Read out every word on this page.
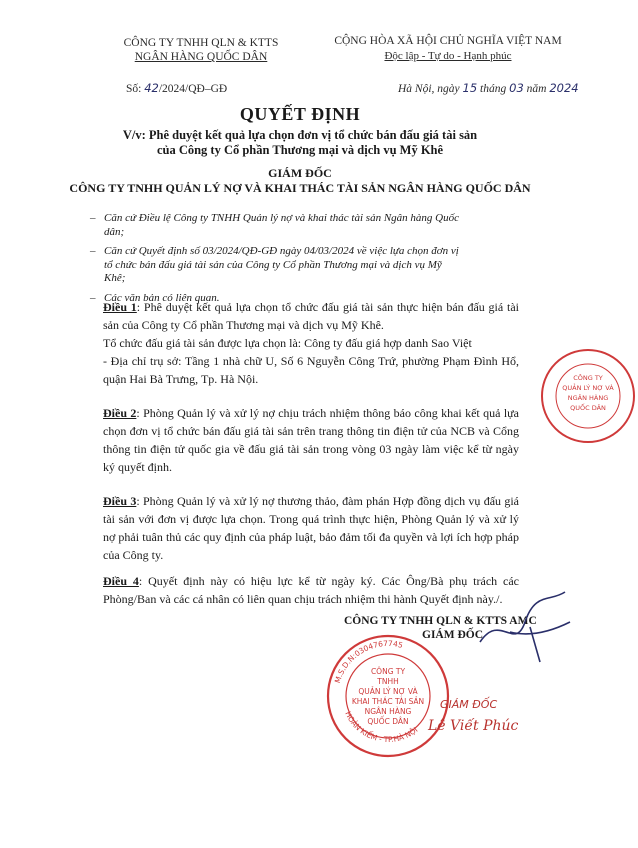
CÔNG TY TNHH QLN & KTTS
NGÂN HÀNG QUỐC DÂN
CỘNG HÒA XÃ HỘI CHỦ NGHĨA VIỆT NAM
Độc lập - Tự do - Hạnh phúc
Số: 42/2024/QĐ–GĐ	Hà Nội, ngày 15 tháng 03 năm 2024
QUYẾT ĐỊNH
V/v: Phê duyệt kết quả lựa chọn đơn vị tổ chức bán đấu giá tài sản
của Công ty Cổ phần Thương mại và dịch vụ Mỹ Khê
GIÁM ĐỐC
CÔNG TY TNHH QUẢN LÝ NỢ VÀ KHAI THÁC TÀI SẢN NGÂN HÀNG QUỐC DÂN
– Căn cứ Điều lệ Công ty TNHH Quản lý nợ và khai thác tài sản Ngân hàng Quốc dân;
– Căn cứ Quyết định số 03/2024/QĐ-GĐ ngày 04/03/2024 về việc lựa chọn đơn vị tổ chức bán đấu giá tài sản của Công ty Cổ phần Thương mại và dịch vụ Mỹ Khê;
– Các văn bản có liên quan.
Điều 1: Phê duyệt kết quả lựa chọn tổ chức đấu giá tài sản thực hiện bán đấu giá tài sản của Công ty Cổ phần Thương mại và dịch vụ Mỹ Khê.
Tổ chức đấu giá tài sản được lựa chọn là: Công ty đấu giá hợp danh Sao Việt
- Địa chỉ trụ sở: Tầng 1 nhà chữ U, Số 6 Nguyễn Công Trứ, phường Phạm Đình Hổ, quận Hai Bà Trưng, Tp. Hà Nội.
Điều 2: Phòng Quản lý và xử lý nợ chịu trách nhiệm thông báo công khai kết quả lựa chọn đơn vị tổ chức bán đấu giá tài sản trên trang thông tin điện tử của NCB và Cổng thông tin điện tử quốc gia về đấu giá tài sản trong vòng 03 ngày làm việc kể từ ngày ký quyết định.
Điều 3: Phòng Quản lý và xử lý nợ thương thảo, đàm phán Hợp đồng dịch vụ đấu giá tài sản với đơn vị được lựa chọn. Trong quá trình thực hiện, Phòng Quản lý và xử lý nợ phải tuân thủ các quy định của pháp luật, bảo đảm tối đa quyền và lợi ích hợp pháp của Công ty.
Điều 4: Quyết định này có hiệu lực kể từ ngày ký. Các Ông/Bà phụ trách các Phòng/Ban và các cá nhân có liên quan chịu trách nhiệm thi hành Quyết định này./.
CÔNG TY TNHH QLN & KTTS AMC
GIÁM ĐỐC
M.S.D.N:0304767745
HOÀN KIẾM - TP.HÀ NỘI
CÔNG TY
TNHH
QUẢN LÝ NỢ VÀ
KHAI THÁC TÀI SẢN
NGÂN HÀNG
QUỐC DÂN
CÔNG TY
QUẢN LÝ NỢ VÀ
NGÂN HÀNG
QUỐC DÂN
GIÁM ĐỐC
Lê Viết Phúc
